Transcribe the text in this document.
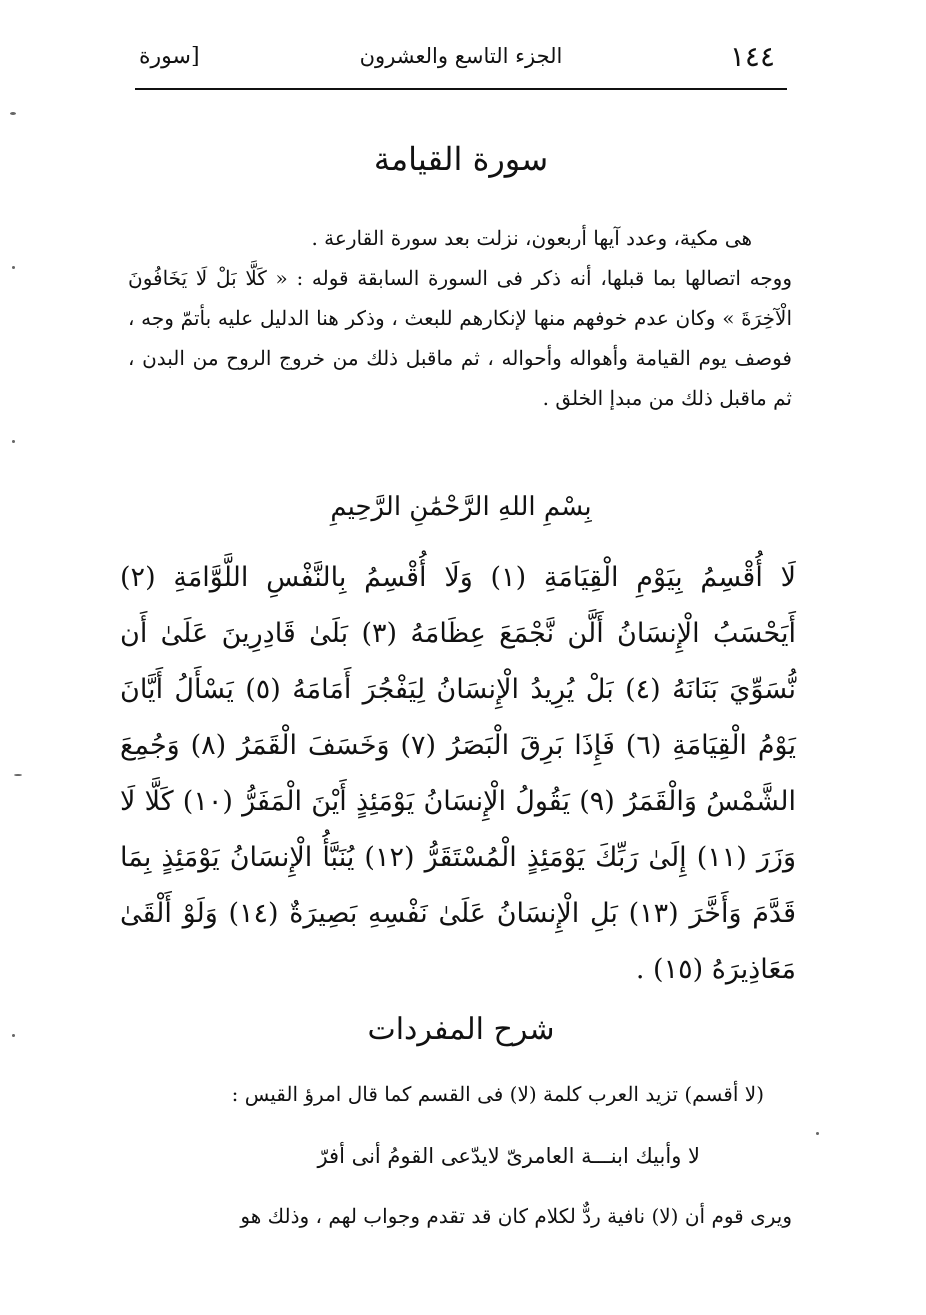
١٤٤
الجزء التاسع والعشرون
[سورة
سورة القيامة

هى مكية، وعدد آيها أربعون، نزلت بعد سورة القارعة .

ووجه اتصالها بما قبلها، أنه ذكر فى السورة السابقة قوله : « كَلَّا بَلْ لَا يَخَافُونَ الْآخِرَةَ » وكان عدم خوفهم منها لإنكارهم للبعث ، وذكر هنا الدليل عليه بأتمّ وجه ، فوصف يوم القيامة وأهواله وأحواله ، ثم ماقبل ذلك من خروج الروح من البدن ، ثم ماقبل ذلك من مبدإ الخلق .

بِسْمِ اللهِ الرَّحْمَٰنِ الرَّحِيمِ
لَا أُقْسِمُ بِيَوْمِ الْقِيَامَةِ (١) وَلَا أُقْسِمُ بِالنَّفْسِ اللَّوَّامَةِ (٢) أَيَحْسَبُ الْإِنسَانُ أَلَّن نَّجْمَعَ عِظَامَهُ (٣) بَلَىٰ قَادِرِينَ عَلَىٰ أَن نُّسَوِّيَ بَنَانَهُ (٤) بَلْ يُرِيدُ الْإِنسَانُ لِيَفْجُرَ أَمَامَهُ (٥) يَسْأَلُ أَيَّانَ يَوْمُ الْقِيَامَةِ (٦) فَإِذَا بَرِقَ الْبَصَرُ (٧) وَخَسَفَ الْقَمَرُ (٨) وَجُمِعَ الشَّمْسُ وَالْقَمَرُ (٩) يَقُولُ الْإِنسَانُ يَوْمَئِذٍ أَيْنَ الْمَفَرُّ (١٠) كَلَّا لَا وَزَرَ (١١) إِلَىٰ رَبِّكَ يَوْمَئِذٍ الْمُسْتَقَرُّ (١٢) يُنَبَّأُ الْإِنسَانُ يَوْمَئِذٍ بِمَا قَدَّمَ وَأَخَّرَ (١٣) بَلِ الْإِنسَانُ عَلَىٰ نَفْسِهِ بَصِيرَةٌ (١٤) وَلَوْ أَلْقَىٰ مَعَاذِيرَهُ (١٥) .
شرح المفردات
(لا أقسم) تزيد العرب كلمة (لا) فى القسم كما قال امرؤ القيس :
لا وأبيك ابنـــة العامرىّ لايدّعى القومُ أنى أفرّ
ويرى قوم أن (لا) نافية ردٌّ لكلام كان قد تقدم وجواب لهم ، وذلك هو
